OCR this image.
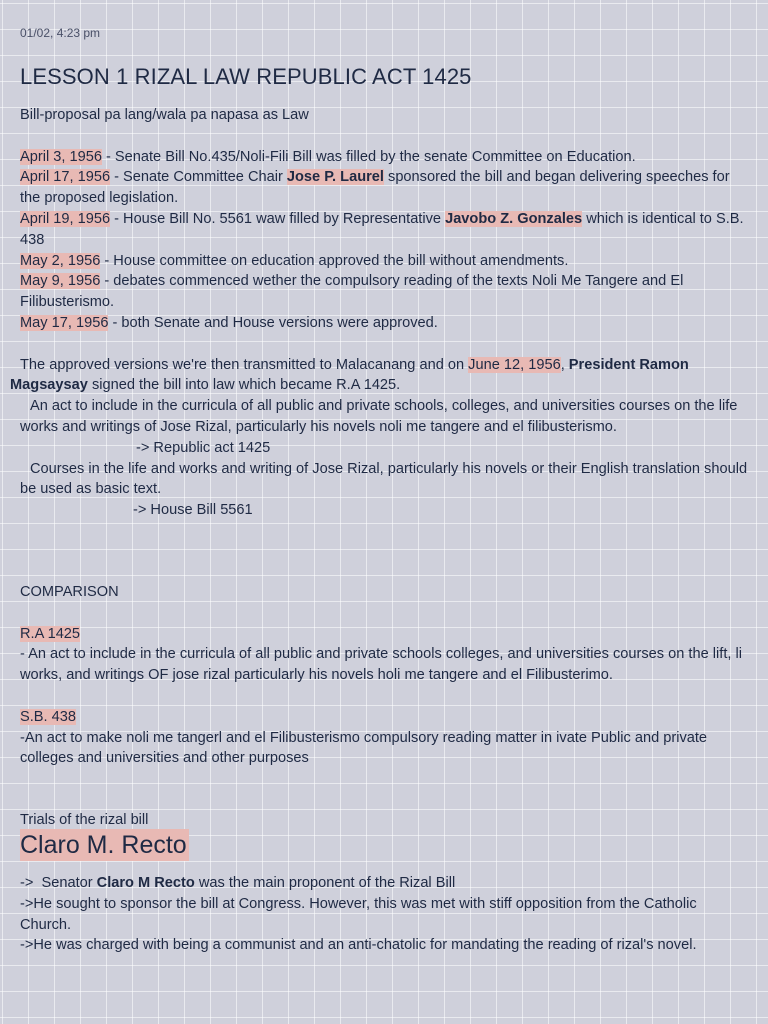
01/02, 4:23 pm
LESSON 1 RIZAL LAW REPUBLIC ACT 1425

Bill-proposal pa lang/wala pa napasa as Law

April 3, 1956 - Senate Bill No.435/Noli-Fili Bill was filled by the senate Committee on Education.

April 17, 1956 - Senate Committee Chair Jose P. Laurel sponsored the bill and began delivering speeches for the proposed legislation.

April 19, 1956 - House Bill No. 5561 waw filled by Representative Javobo Z. Gonzales which is identical to S.B. 438

May 2, 1956 - House committee on education approved the bill without amendments.

May 9, 1956 - debates commenced wether the compulsory reading of the texts Noli Me Tangere and El Filibusterismo.

May 17, 1956 - both Senate and House versions were approved.

The approved versions we're then transmitted to Malacanang and on June 12, 1956, President Ramon Magsaysay signed the bill into law which became R.A 1425.

An act to include in the curricula of all public and private schools, colleges, and universities courses on the life works and writings of Jose Rizal, particularly his novels noli me tangere and el filibusterismo.

-> Republic act 1425

Courses in the life and works and writing of Jose Rizal, particularly his novels or their English translation should be used as basic text.

-> House Bill 5561

COMPARISON

R.A 1425

- An act to include in the curricula of all public and private schools colleges, and universities courses on the lift, li works, and writings OF jose rizal particularly his novels holi me tangere and el Filibusterimo.

S.B. 438

-An act to make noli me tangerl and el Filibusterismo compulsory reading matter in ivate Public and private colleges and universities and other purposes

Trials of the rizal bill
Claro M. Recto

->  Senator Claro M Recto was the main proponent of the Rizal Bill

->He sought to sponsor the bill at Congress. However, this was met with stiff opposition from the Catholic Church.

->He was charged with being a communist and an anti-chatolic for mandating the reading of rizal's novel.
